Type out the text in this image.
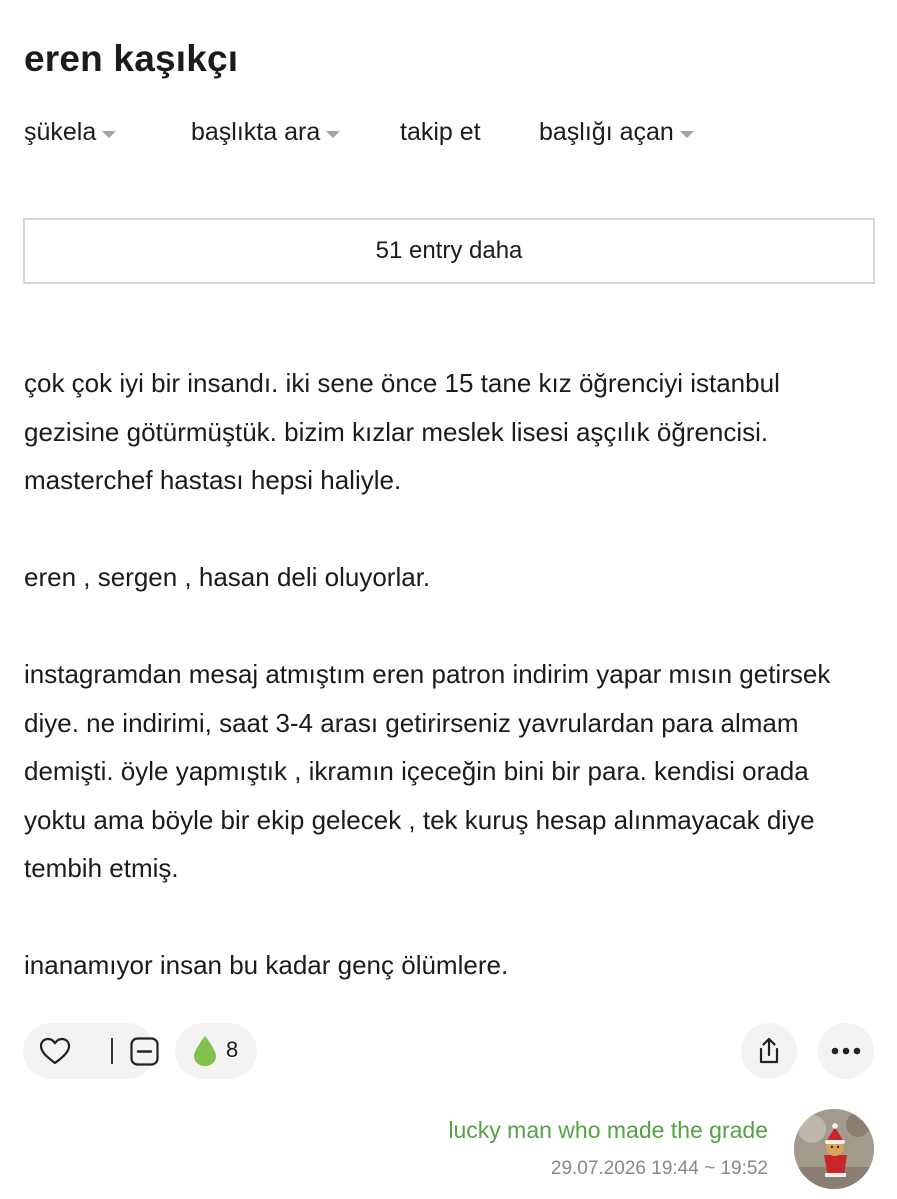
eren kaşıkçı
şükela	başlıkta ara	takip et başlığı açan
51 entry daha

çok çok iyi bir insandı. iki sene önce 15 tane kız öğrenciyi istanbul gezisine götürmüştük. bizim kızlar meslek lisesi aşçılık öğrencisi. masterchef hastası hepsi haliyle.

eren , sergen , hasan deli oluyorlar.

instagramdan mesaj atmıştım eren patron indirim yapar mısın getirsek diye. ne indirimi, saat 3-4 arası getirirseniz yavrulardan para almam demişti. öyle yapmıştık , ikramın içeceğin bini bir para. kendisi orada yoktu ama böyle bir ekip gelecek , tek kuruş hesap alınmayacak diye tembih etmiş.

inanamıyor insan bu kadar genç ölümlere.

8
lucky man who made the grade
29.07.2026 19:44 ~ 19:52
